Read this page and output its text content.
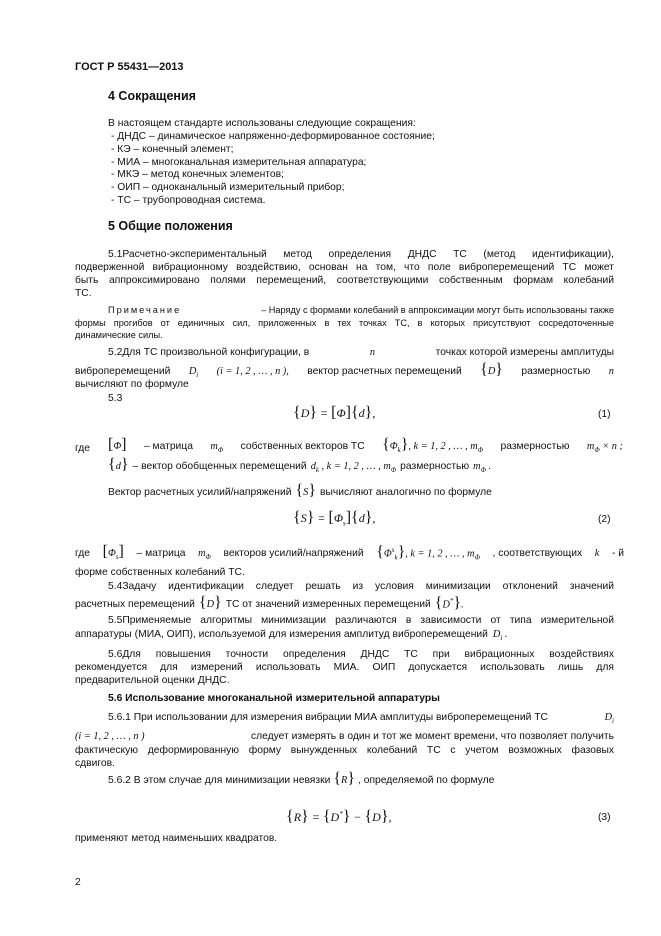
ГОСТ Р 55431—2013
4 Сокращения
В настоящем стандарте использованы следующие сокращения:
- ДНДС – динамическое напряженно-деформированное состояние;
- КЭ – конечный элемент;
- МИА – многоканальная измерительная аппаратура;
- МКЭ – метод конечных элементов;
- ОИП – одноканальный измерительный прибор;
- ТС – трубопроводная система.
5 Общие положения
5.1Расчетно-экспериментальный метод определения ДНДС ТС (метод идентификации),
подверженной вибрационному воздействию, основан на том, что поле виброперемещений ТС может
быть аппроксимировано полями перемещений, соответствующими собственным формам колебаний
ТС.
Примечание	– Наряду с формами колебаний в аппроксимации могут быть использованы также
формы прогибов от единичных сил, приложенных в тех точках ТС, в которых присутствуют сосредоточенные
динамические силы.
5.2Для ТС произвольной конфигурации, в	n	точках которой измерены амплитуды
виброперемещений $D_i$ (i = 1, 2 , … , n ), вектор расчетных перемещений {D} размерностью n
вычисляют по формуле
5.3
{D} = [Φ]{d},	(1)
где [Φ] – матрица $m_\Phi$ собственных векторов ТС $\{\Phi_k\}$, k = 1, 2 , … , $m_\Phi$ размерностью $m_\Phi \times n$ ;
{d} – вектор обобщенных перемещений $d_k$ , k = 1, 2 , … , $m_\Phi$ размерностью $m_\Phi$ .
Вектор расчетных усилий/напряжений {S} вычисляют аналогично по формуле
$\{S\} = [\Phi_s]\{d\}$,	(2)
где $[\Phi_s]$ – матрица $m_\Phi$ векторов усилий/напряжений $\{\Phi^s_k\}$, k = 1, 2 , … , $m_\Phi$ , соответствующих k - й
форме собственных колебаний ТС.
5.4Задачу идентификации следует решать из условия минимизации отклонений значений
расчетных перемещений {D} ТС от значений измеренных перемещений {D*}.
5.5Применяемые алгоритмы минимизации различаются в зависимости от типа измерительной
аппаратуры (МИА, ОИП), используемой для измерения амплитуд виброперемещений $D_i$ .
5.6Для повышения точности определения ДНДС ТС при вибрационных воздействиях
рекомендуется для измерений использовать МИА. ОИП допускается использовать лишь для
предварительной оценки ДНДС.
5.6 Использование многоканальной измерительной аппаратуры
5.6.1 При использовании для измерения вибрации МИА амплитуды виброперемещений ТС	$D_i$
(i = 1, 2 , … , n )	следует измерять в один и тот же момент времени, что позволяет получить
фактическую деформированную форму вынужденных колебаний ТС с учетом возможных фазовых
сдвигов.
5.6.2 В этом случае для минимизации невязки {R} , определяемой по формуле
{R} = {D*} − {D},	(3)
применяют метод наименьших квадратов.
2
